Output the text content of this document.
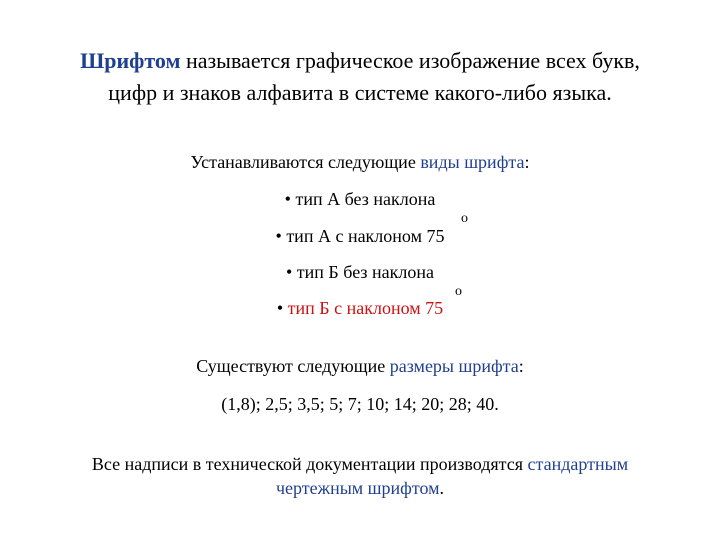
Шрифтом называется графическое изображение всех букв,
цифр и знаков алфавита в системе какого-либо языка.
Устанавливаются следующие виды шрифта:
• тип А без наклона
• тип А с наклоном 75
о
• тип Б без наклона
• тип Б с наклоном 75
о
Существуют следующие размеры шрифта:
(1,8); 2,5; 3,5; 5; 7; 10; 14; 20; 28; 40.
Все надписи в технической документации производятся стандартным
чертежным шрифтом.
